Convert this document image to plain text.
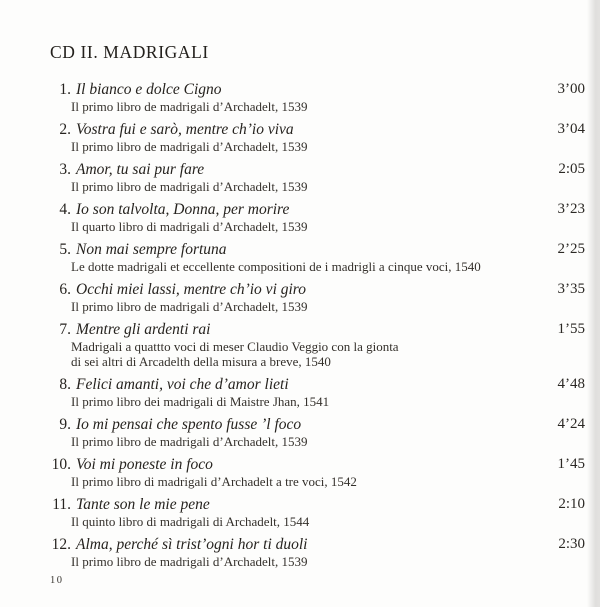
CD II. MADRIGALI
1. Il bianco e dolce Cigno
Il primo libro de madrigali d’Archadelt, 1539
3’00
2. Vostra fui e sarò, mentre ch’io viva
Il primo libro de madrigali d’Archadelt, 1539
3’04
3. Amor, tu sai pur fare
Il primo libro de madrigali d’Archadelt, 1539
2:05
4. Io son talvolta, Donna, per morire
Il quarto libro di madrigali d’Archadelt, 1539
3’23
5. Non mai sempre fortuna
Le dotte madrigali et eccellente compositioni de i madrigli a cinque voci, 1540
2’25
6. Occhi miei lassi, mentre ch’io vi giro
Il primo libro de madrigali d’Archadelt, 1539
3’35
7. Mentre gli ardenti rai
Madrigali a quattto voci di meser Claudio Veggio con la gionta
di sei altri di Arcadelth della misura a breve, 1540
1’55
8. Felici amanti, voi che d’amor lieti
Il primo libro dei madrigali di Maistre Jhan, 1541
4’48
9. Io mi pensai che spento fusse ’l foco
Il primo libro de madrigali d’Archadelt, 1539
4’24
10. Voi mi poneste in foco
Il primo libro di madrigali d’Archadelt a tre voci, 1542
1’45
11. Tante son le mie pene
Il quinto libro di madrigali di Archadelt, 1544
2:10
12. Alma, perché sì trist’ogni hor ti duoli
Il primo libro de madrigali d’Archadelt, 1539
2:30
10
